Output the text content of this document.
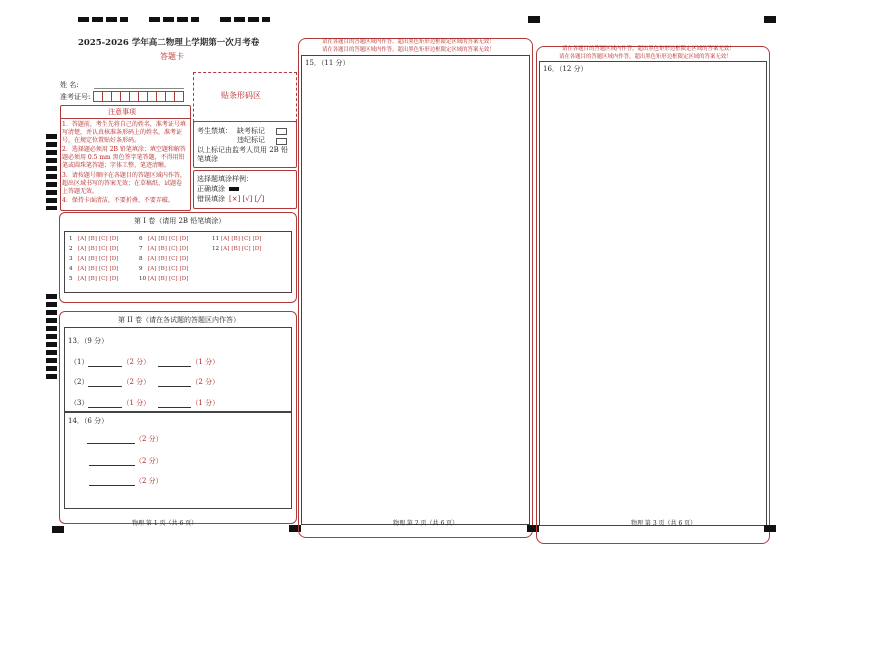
2025-2026 学年高二物理上学期第一次月考卷
答题卡
姓 名:
准考证号:	贴条形码区
注意事项
1．答题前，考生先将自己的姓名，准考证号填写清楚，并认真核准条形码上的姓名，准考证号，在规定位置贴好条形码。
2．选择题必须用 2B 铅笔填涂；填空题和解答题必须用 0.5 mm 黑色签字笔答题，不得用铅笔或圆珠笔答题；字体工整、笔迹清晰。
3．请按题号顺序在各题目的答题区域内作答，超出区域书写的答案无效；在草稿纸、试题卷上答题无效。
4．保持卡面清洁，不要折叠、不要弄破。
考生禁填： 缺考标记
违纪标记
以上标记由监考人员用 2B 铅笔填涂
选择题填涂样例：
正确填涂
错误填涂 [×] [√] [╱]
第 I 卷（请用 2B 铅笔填涂）
1 [A] [B] [C] [D]
2 [A] [B] [C] [D]
3 [A] [B] [C] [D]
4 [A] [B] [C] [D]
5 [A] [B] [C] [D]
6 [A] [B] [C] [D]
7 [A] [B] [C] [D]
8 [A] [B] [C] [D]
9 [A] [B] [C] [D]
10 [A] [B] [C] [D]
11 [A] [B] [C] [D]
12 [A] [B] [C] [D]
第 II 卷（请在各试题的答题区内作答）
13．（9 分）
（1）	（2 分）	（1 分）
（2）	（2 分）	（2 分）
（3）	（1 分）	（1 分）
14．（6 分）
（2 分）
（2 分）
（2 分）
物理 第 1 页（共 6 页）
请在各题目的答题区域内作答，超出黑色矩形边框限定区域的答案无效！
请在各题目的答题区域内作答，超出黑色矩形边框限定区域的答案无效！
15．（11 分）
物理 第 2 页（共 6 页）
请在各题目的答题区域内作答，超出黑色矩形边框限定区域的答案无效！
请在各题目的答题区域内作答，超出黑色矩形边框限定区域的答案无效！
16．（12 分）
物理 第 3 页（共 6 页）
